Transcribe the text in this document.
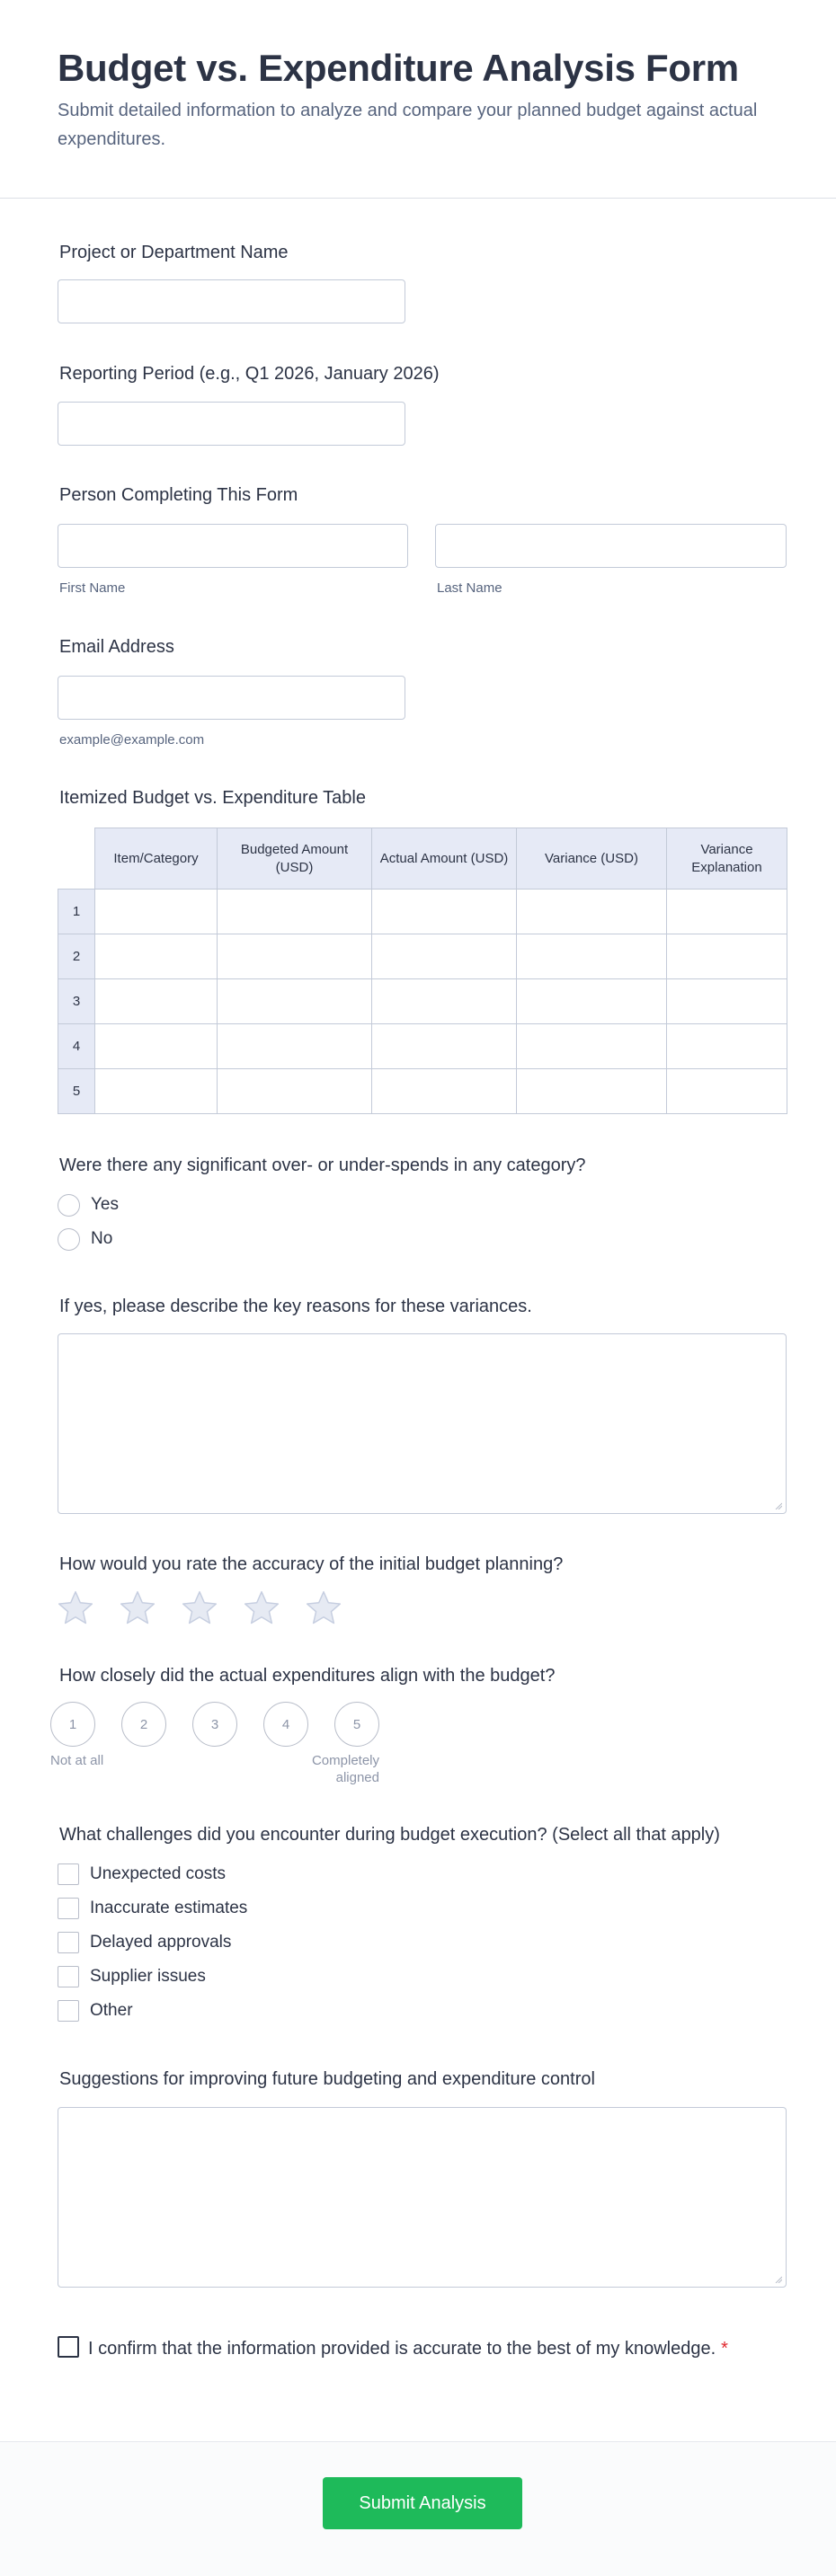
Budget vs. Expenditure Analysis Form

Submit detailed information to analyze and compare your planned budget against actual expenditures.

Project or Department Name
Reporting Period (e.g., Q1 2026, January 2026)
Person Completing This Form
First Name	Last Name
Email Address
example@example.com
Itemized Budget vs. Expenditure Table
	Item/Category	Budgeted Amount (USD)	Actual Amount (USD)	Variance (USD)	Variance Explanation
1					
2					
3					
4					
5					
Were there any significant over- or under-spends in any category?
Yes
No
If yes, please describe the key reasons for these variances.
How would you rate the accuracy of the initial budget planning?
How closely did the actual expenditures align with the budget?
1	2	3	4	5
Not at all	Completely
aligned
What challenges did you encounter during budget execution? (Select all that apply)
Unexpected costs
Inaccurate estimates
Delayed approvals
Supplier issues
Other
Suggestions for improving future budgeting and expenditure control
I confirm that the information provided is accurate to the best of my knowledge. *
Submit Analysis
